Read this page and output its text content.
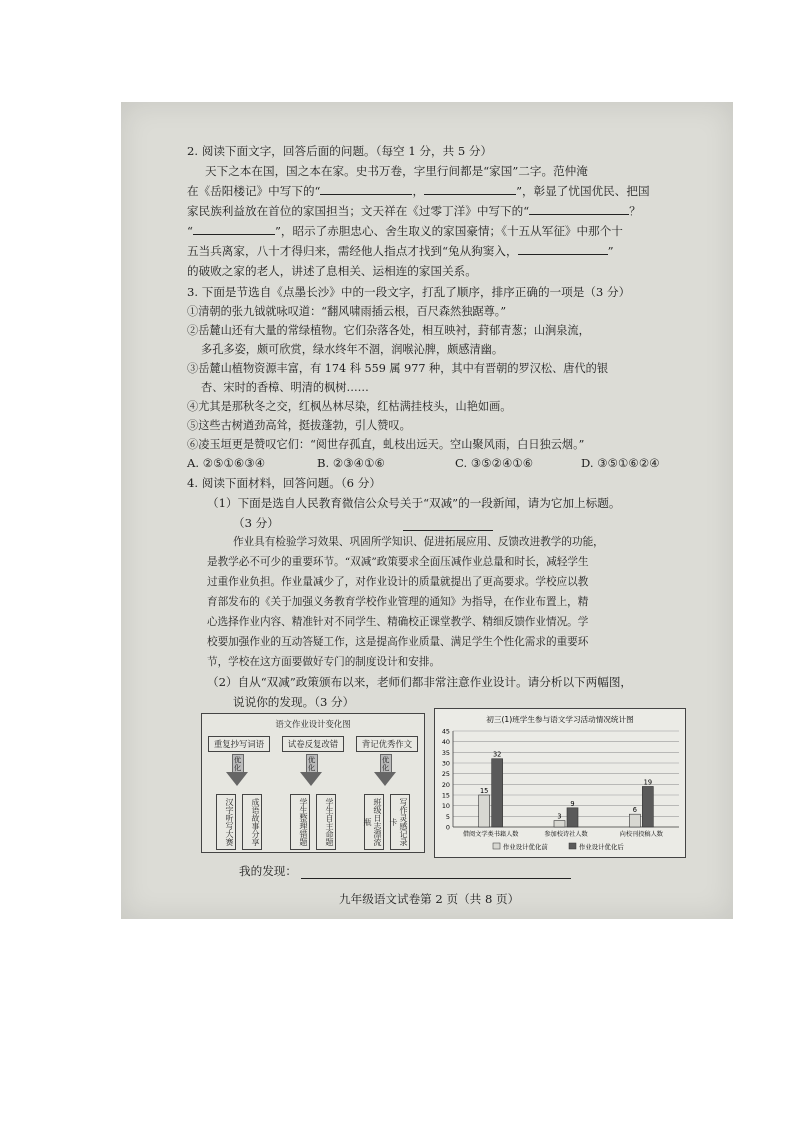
2. 阅读下面文字，回答后面的问题。（每空 1 分，共 5 分）
天下之本在国，国之本在家。史书万卷，字里行间都是“家国”二字。范仲淹
在《岳阳楼记》中写下的“	，	”，彰显了忧国优民、把国
家民族利益放在首位的家国担当；文天祥在《过零丁洋》中写下的“	？
“	”，昭示了赤胆忠心、舍生取义的家国豪情；《十五从军征》中那个十
五当兵离家，八十才得归来，需经他人指点才找到“兔从狗窦入，	”
的破败之家的老人，讲述了息相关、运相连的家国关系。
3. 下面是节选自《点墨长沙》中的一段文字，打乱了顺序，排序正确的一项是（3 分）
①清朝的张九钺就咏叹道：“翻风啸雨插云根，百尺森然独踞尊。”
②岳麓山还有大量的常绿植物。它们杂落各处，相互映衬，葑郁青葱；山涧泉流，
多孔多姿，颇可欣赏，绿水终年不涸，润喉沁脾，颇感清幽。
③岳麓山植物资源丰富，有 174 科 559 属 977 种，其中有晋朝的罗汉松、唐代的银
杏、宋时的香樟、明清的枫树……
④尤其是那秋冬之交，红枫丛林尽染，红枯满挂枝头，山艳如画。
⑤这些古树遒劲高耸，挺拔蓬勃，引人赞叹。
⑥凌玉垣更是赞叹它们：“阅世存孤直，虬枝出远天。空山聚风雨，白日独云烟。”
A. ②⑤①⑥③④	B. ②③④①⑥	C. ③⑤②④①⑥	D. ③⑤①⑥②④
4. 阅读下面材料，回答问题。（6 分）
（1）下面是选自人民教育微信公众号关于“双减”的一段新闻，请为它加上标题。
（3 分）
作业具有检验学习效果、巩固所学知识、促进拓展应用、反馈改进教学的功能，
是教学必不可少的重要环节。“双减”政策要求全面压减作业总量和时长，减轻学生
过重作业负担。作业量减少了，对作业设计的质量就提出了更高要求。学校应以教
育部发布的《关于加强义务教育学校作业管理的通知》为指导，在作业布置上，精
心选择作业内容、精准针对不同学生、精确校正课堂教学、精细反馈作业情况。学
校要加强作业的互动答疑工作，这是提高作业质量、满足学生个性化需求的重要环
节，学校在这方面要做好专门的制度设计和安排。
（2）自从“双减”政策颁布以来，老师们都非常注意作业设计。请分析以下两幅图，
说说你的发现。（3 分）
语文作业设计变化图
重复抄写词语	试卷反复改错	背记优秀作文
优化	优化	优化
汉字听写大赛	成语故事分享	学生整理错题	学生自主命题	班级日志漂流瓶	写作灵感记录卡
初三(1)班学生参与语文学习活动情况统计图
0
5
10
15
20
25
30
35
40
45
15
32
借阅文学类书籍人数
3
9
参加校诗社人数
6
19
向校刊投稿人数
作业设计优化前	作业设计优化后
我的发现：
九年级语文试卷第 2 页（共 8 页）
